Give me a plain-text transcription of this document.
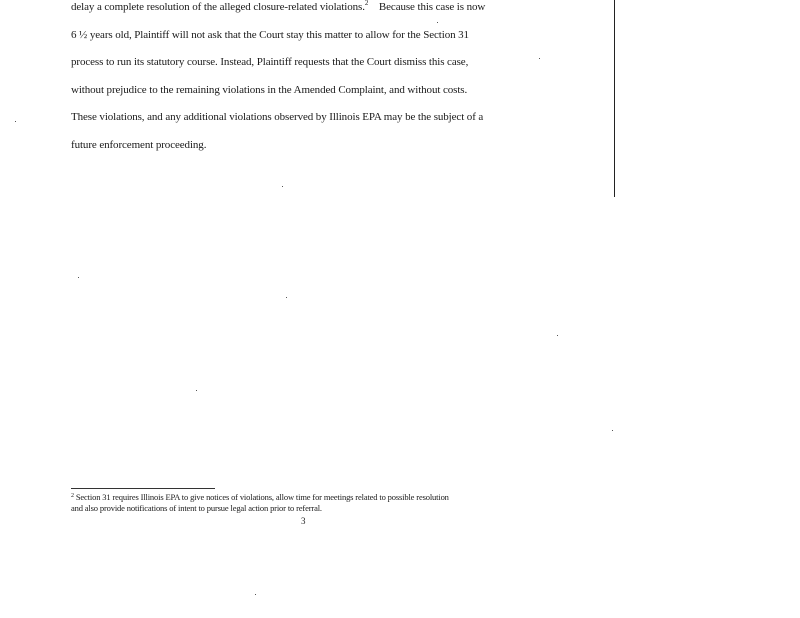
delay a complete resolution of the alleged closure-related violations.$^2$ Because this case is now
6 ½ years old, Plaintiff will not ask that the Court stay this matter to allow for the Section 31
process to run its statutory course. Instead, Plaintiff requests that the Court dismiss this case,
without prejudice to the remaining violations in the Amended Complaint, and without costs.
These violations, and any additional violations observed by Illinois EPA may be the subject of a
future enforcement proceeding.
$^2$ Section 31 requires Illinois EPA to give notices of violations, allow time for meetings related to possible resolution
and also provide notifications of intent to pursue legal action prior to referral.
3
